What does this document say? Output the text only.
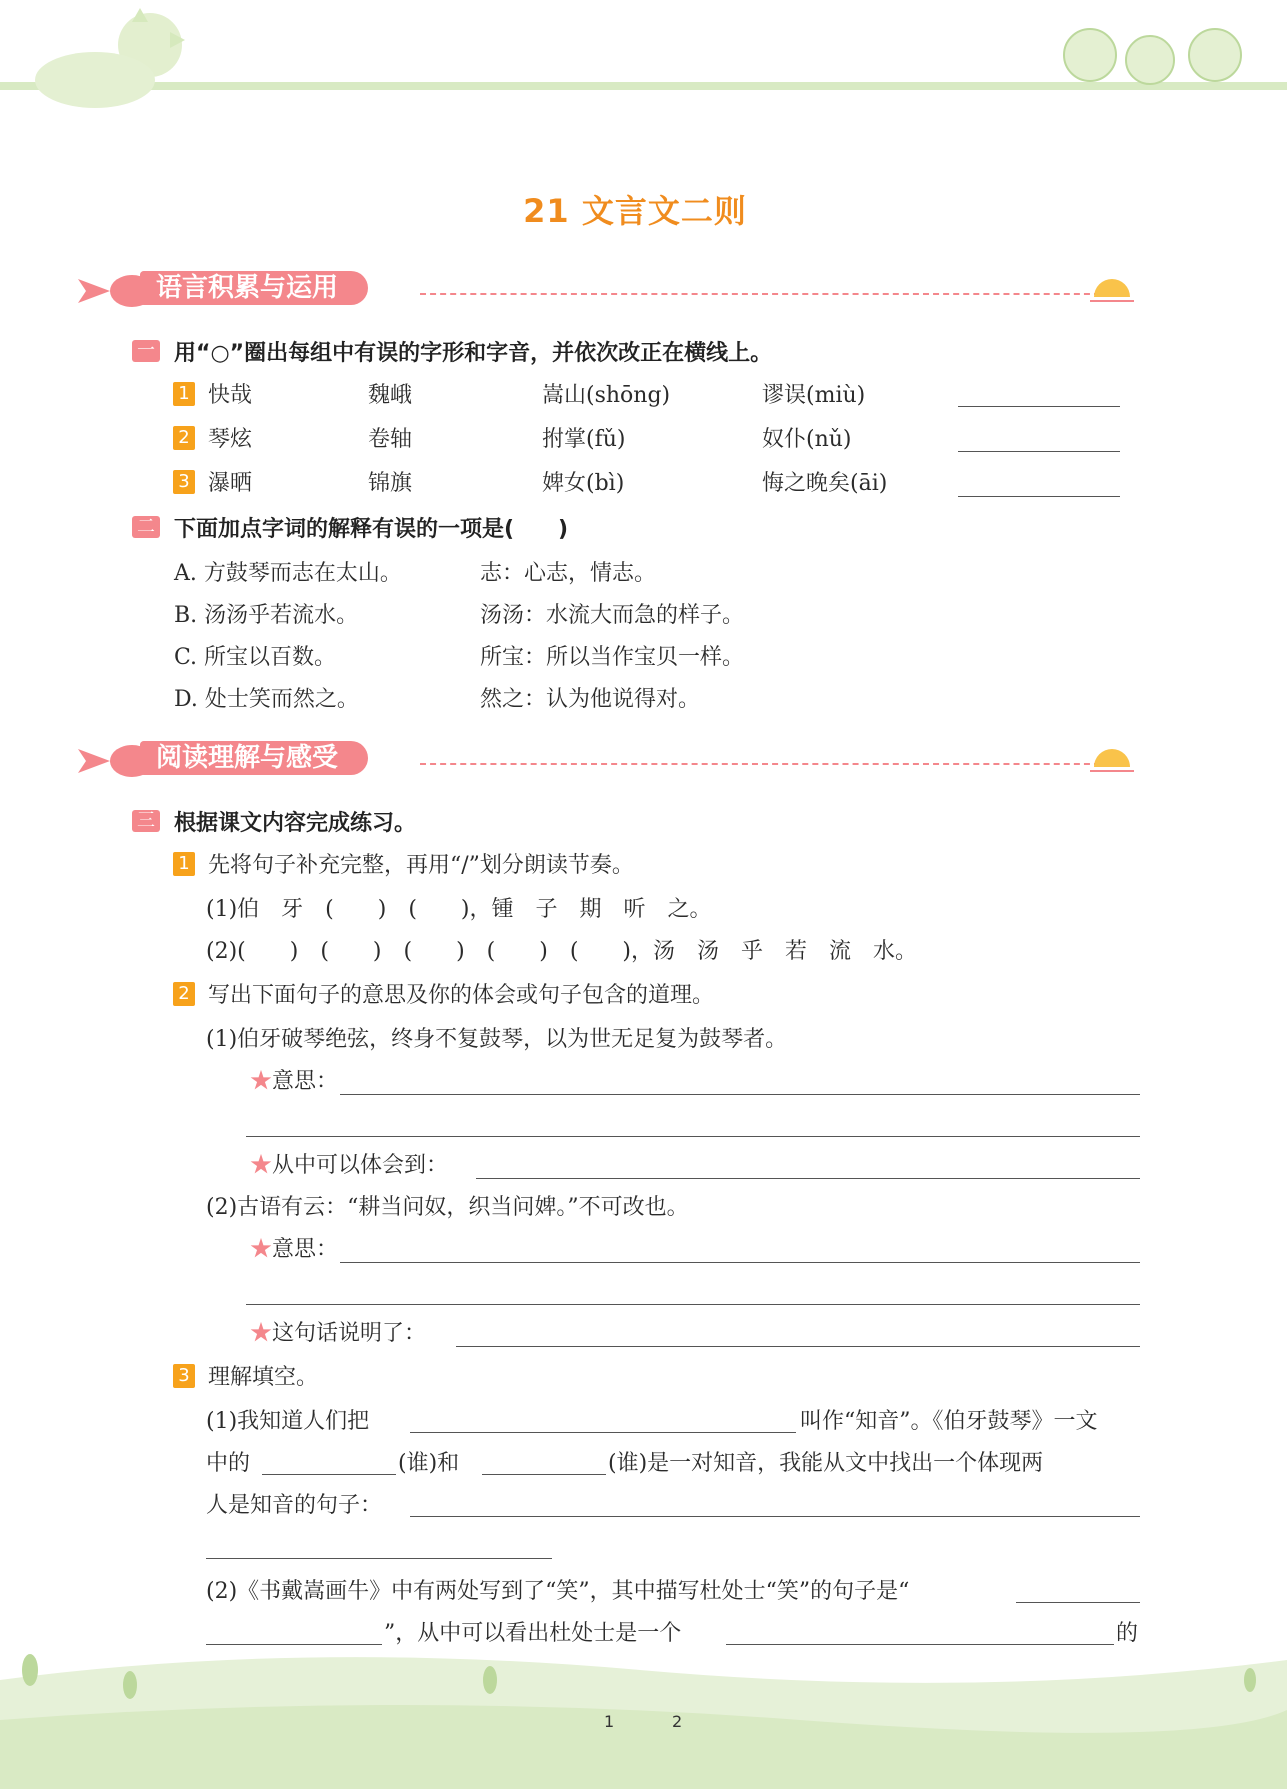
21 文言文二则
语言积累与运用
一 用“○”圈出每组中有误的字形和字音，并依次改正在横线上。
1 快哉	魏峨	嵩山(shōng)	谬误(miù)
2 琴炫	卷轴	拊掌(fǔ)	奴仆(nǔ)
3 瀑晒	锦旗	婢女(bì)	悔之晚矣(āi)
二 下面加点字词的解释有误的一项是(　　)
A. 方鼓琴而志在太山。	志：心志，情志。
B. 汤汤乎若流水。	汤汤：水流大而急的样子。
C. 所宝以百数。	所宝：所以当作宝贝一样。
D. 处士笑而然之。	然之：认为他说得对。
阅读理解与感受
三 根据课文内容完成练习。
1 先将句子补充完整，再用“/”划分朗读节奏。
(1)伯　牙　(　　)　(　　)，锺　子　期　听　之。
(2)(　　)　(　　)　(　　)　(　　)　(　　)，汤　汤　乎　若　流　水。
2 写出下面句子的意思及你的体会或句子包含的道理。
(1)伯牙破琴绝弦，终身不复鼓琴，以为世无足复为鼓琴者。
★意思：
★从中可以体会到：
(2)古语有云：“耕当问奴，织当问婢。”不可改也。
★意思：
★这句话说明了：
3 理解填空。
(1)我知道人们把	叫作“知音”。《伯牙鼓琴》一文
中的	(谁)和	(谁)是一对知音，我能从文中找出一个体现两
人是知音的句子：
(2)《书戴嵩画牛》中有两处写到了“笑”，其中描写杜处士“笑”的句子是“
”，从中可以看出杜处士是一个	的
1	2
